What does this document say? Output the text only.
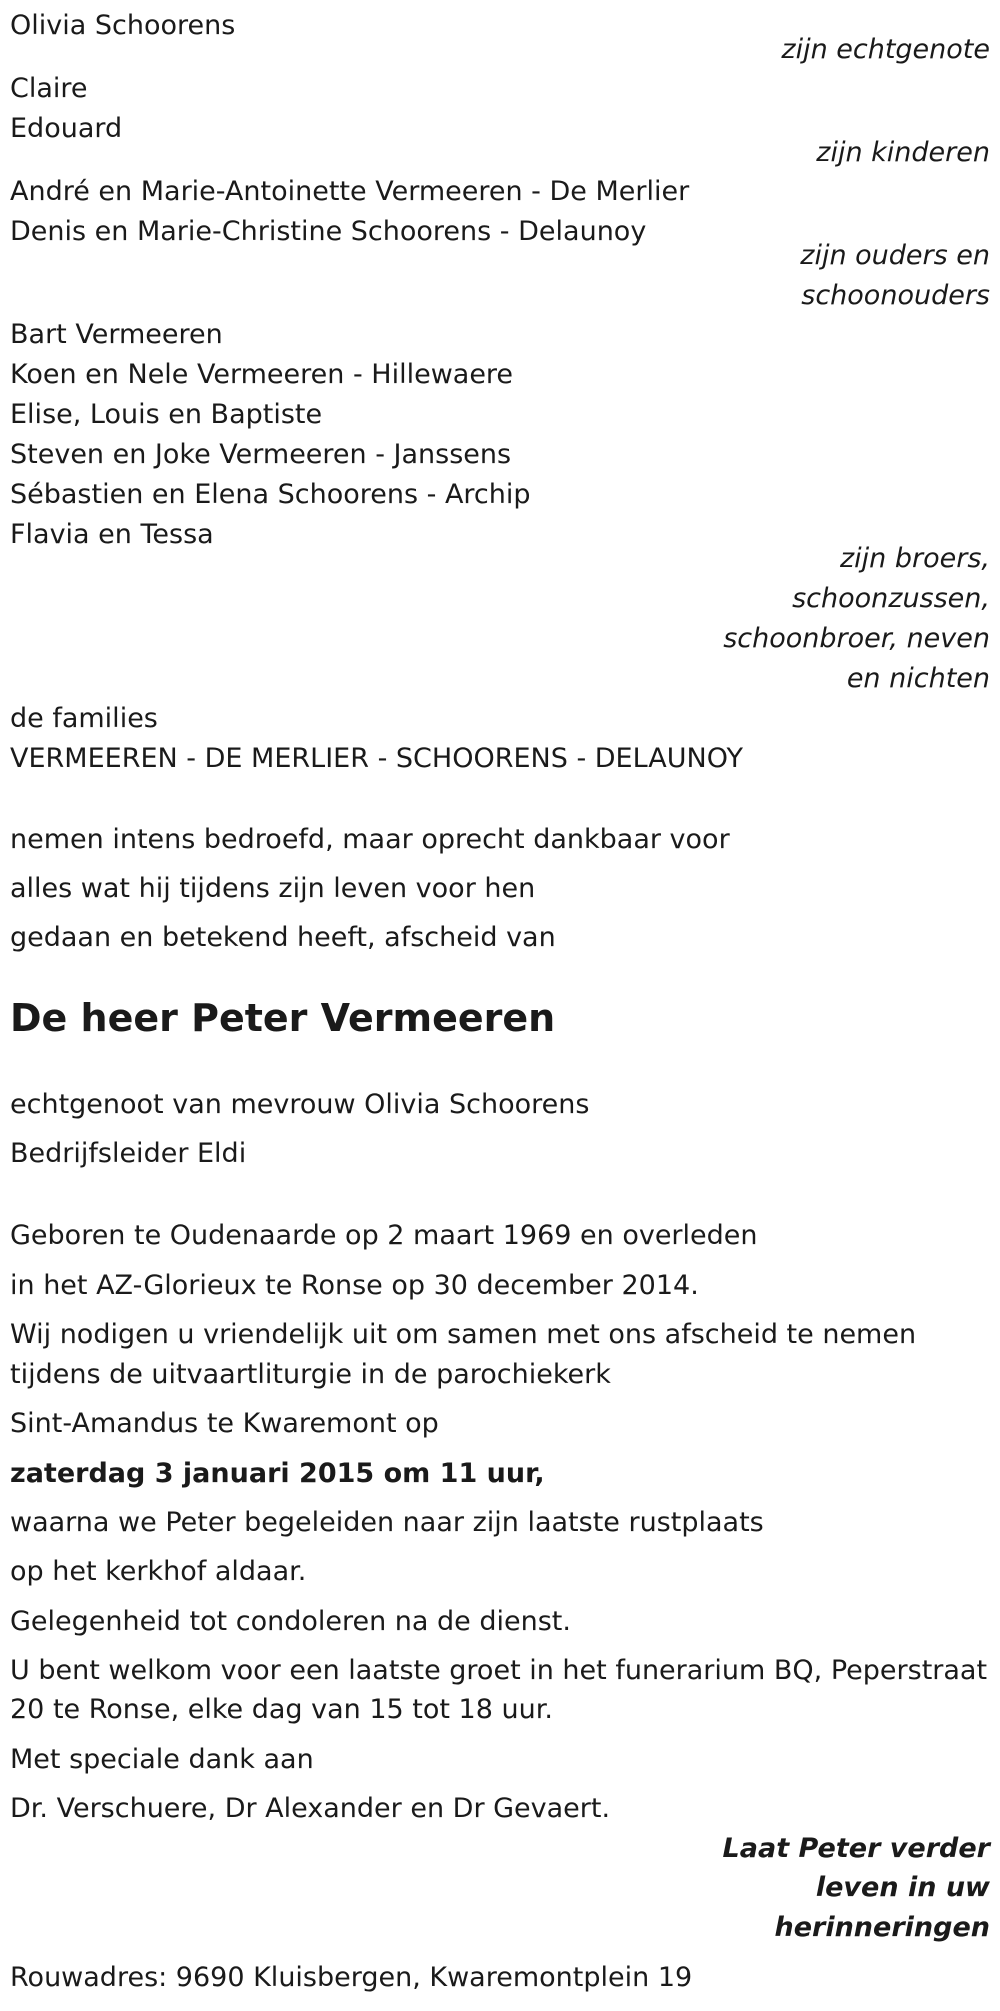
Olivia Schoorens
zijn echtgenote
Claire
Edouard
zijn kinderen
André en Marie-Antoinette Vermeeren - De Merlier
Denis en Marie-Christine Schoorens - Delaunoy
zijn ouders en
schoonouders
Bart Vermeeren
Koen en Nele Vermeeren - Hillewaere
Elise, Louis en Baptiste
Steven en Joke Vermeeren - Janssens
Sébastien en Elena Schoorens - Archip
Flavia en Tessa
zijn broers,
schoonzussen,
schoonbroer, neven
en nichten
de families
VERMEEREN - DE MERLIER - SCHOORENS - DELAUNOY
nemen intens bedroefd, maar oprecht dankbaar voor
alles wat hij tijdens zijn leven voor hen
gedaan en betekend heeft, afscheid van
De heer Peter Vermeeren
echtgenoot van mevrouw Olivia Schoorens
Bedrijfsleider Eldi
Geboren te Oudenaarde op 2 maart 1969 en overleden
in het AZ-Glorieux te Ronse op 30 december 2014.
Wij nodigen u vriendelijk uit om samen met ons afscheid te nemen
tijdens de uitvaartliturgie in de parochiekerk
Sint-Amandus te Kwaremont op
zaterdag 3 januari 2015 om 11 uur,
waarna we Peter begeleiden naar zijn laatste rustplaats
op het kerkhof aldaar.
Gelegenheid tot condoleren na de dienst.
U bent welkom voor een laatste groet in het funerarium BQ, Peperstraat
20 te Ronse, elke dag van 15 tot 18 uur.
Met speciale dank aan
Dr. Verschuere, Dr Alexander en Dr Gevaert.
Laat Peter verder
leven in uw
herinneringen
Rouwadres: 9690 Kluisbergen, Kwaremontplein 19
